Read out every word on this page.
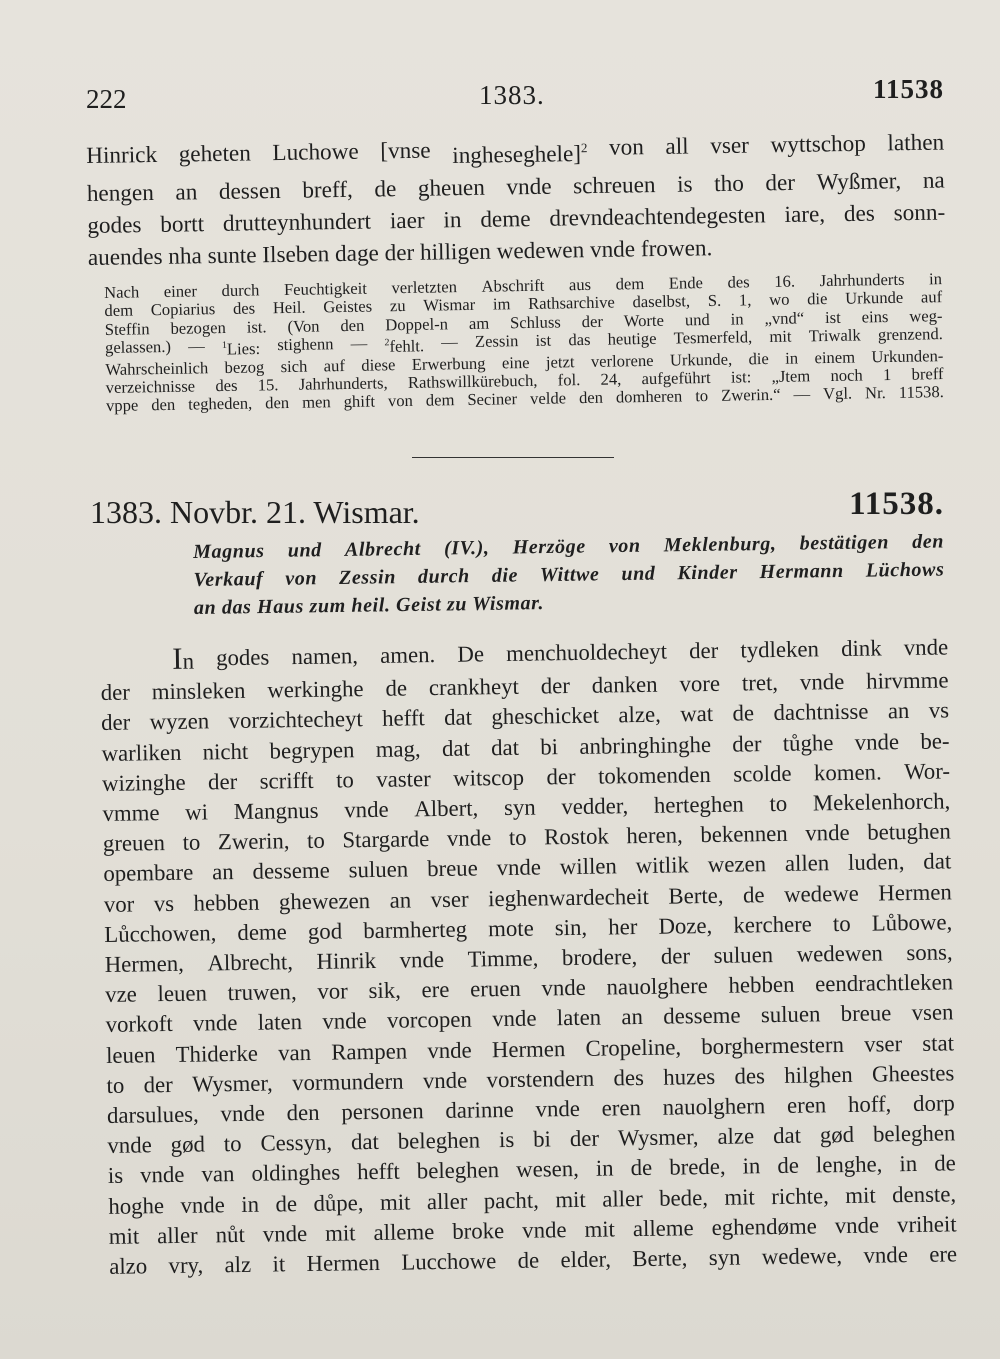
222	1383.	11538
Hinrick geheten Luchowe [vnse ingheseghele]$^2$ von all vser wyttschop lathen
hengen an dessen breff, de gheuen vnde schreuen is tho der Wyßmer, na
godes bortt drutteynhundert iaer in deme drevndeachtendegesten iare, des sonn-
auendes nha sunte Ilseben dage der hilligen wedewen vnde frowen.
Nach einer durch Feuchtigkeit verletzten Abschrift aus dem Ende des 16. Jahrhunderts in
dem Copiarius des Heil. Geistes zu Wismar im Rathsarchive daselbst, S. 1, wo die Urkunde auf
Steffin bezogen ist. (Von den Doppel-n am Schluss der Worte und in „vnd“ ist eins weg-
gelassen.) — $^1$Lies: stighenn — $^2$fehlt. — Zessin ist das heutige Tesmerfeld, mit Triwalk grenzend.
Wahrscheinlich bezog sich auf diese Erwerbung eine jetzt verlorene Urkunde, die in einem Urkunden-
verzeichnisse des 15. Jahrhunderts, Rathswillkürebuch, fol. 24, aufgeführt ist: „Jtem noch 1 breff
vppe den tegheden, den men ghift von dem Seciner velde den domheren to Zwerin.“ — Vgl. Nr. 11538.
1383. Novbr. 21. Wismar.	11538.
Magnus und Albrecht (IV.), Herzöge von Meklenburg, bestätigen den
Verkauf von Zessin durch die Wittwe und Kinder Hermann Lüchows
an das Haus zum heil. Geist zu Wismar.
In godes namen, amen. De menchuoldecheyt der tydleken dink vnde
der minsleken werkinghe de crankheyt der danken vore tret, vnde hirvmme
der wyzen vorzichtecheyt hefft dat gheschicket alze, wat de dachtnisse an vs
warliken nicht begrypen mag, dat dat bi anbringhinghe der tůghe vnde be-
wizinghe der scrifft to vaster witscop der tokomenden scolde komen. Wor-
vmme wi Mangnus vnde Albert, syn vedder, herteghen to Mekelenhorch,
greuen to Zwerin, to Stargarde vnde to Rostok heren, bekennen vnde betughen
opembare an desseme suluen breue vnde willen witlik wezen allen luden, dat
vor vs hebben ghewezen an vser ieghenwardecheit Berte, de wedewe Hermen
Lůcchowen, deme god barmherteg mote sin, her Doze, kerchere to Lůbowe,
Hermen, Albrecht, Hinrik vnde Timme, brodere, der suluen wedewen sons,
vze leuen truwen, vor sik, ere eruen vnde nauolghere hebben eendrachtleken
vorkoft vnde laten vnde vorcopen vnde laten an desseme suluen breue vsen
leuen Thiderke van Rampen vnde Hermen Cropeline, borghermestern vser stat
to der Wysmer, vormundern vnde vorstendern des huzes des hilghen Gheestes
darsulues, vnde den personen darinne vnde eren nauolghern eren hoff, dorp
vnde gød to Cessyn, dat beleghen is bi der Wysmer, alze dat gød beleghen
is vnde van oldinghes hefft beleghen wesen, in de brede, in de lenghe, in de
hoghe vnde in de důpe, mit aller pacht, mit aller bede, mit richte, mit denste,
mit aller nůt vnde mit alleme broke vnde mit alleme eghendøme vnde vriheit
alzo vry, alz it Hermen Lucchowe de elder, Berte, syn wedewe, vnde ere
